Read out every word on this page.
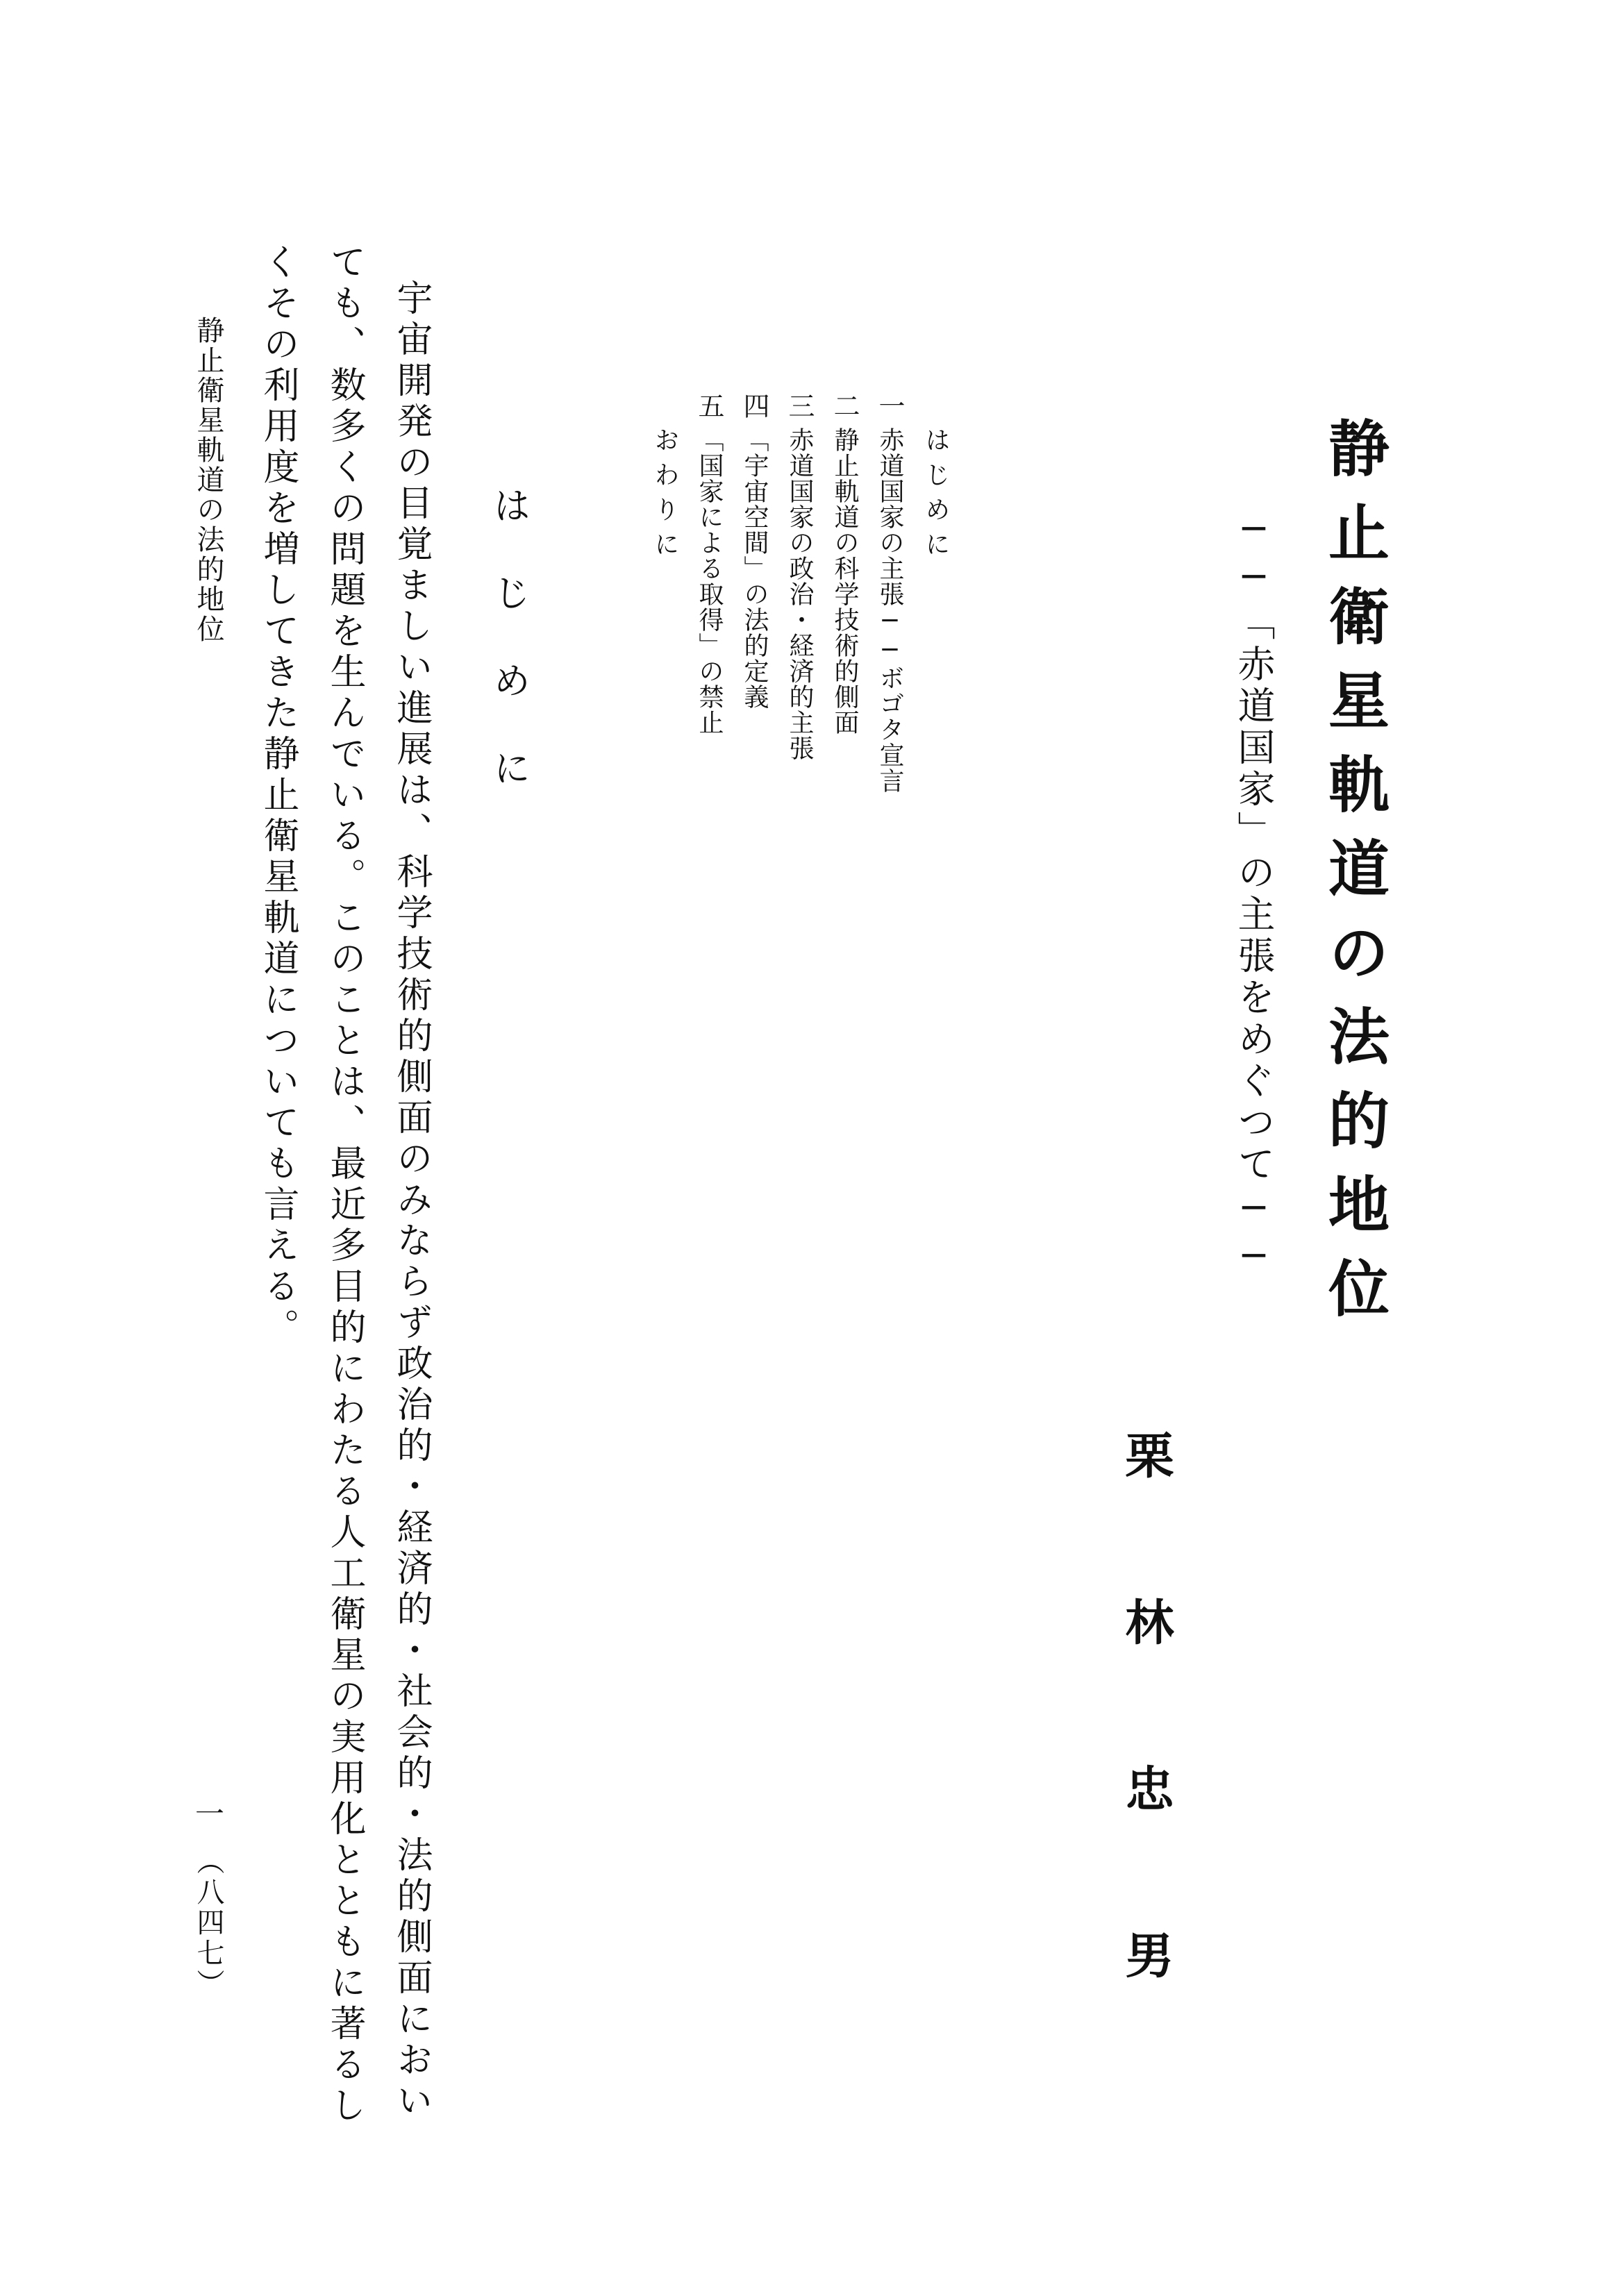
静止衛星軌道の法的地位
──「赤道国家」の主張をめぐつて──
栗林忠男
はじめに
一
赤道国家の主張──ボゴタ宣言
二
静止軌道の科学技術的側面
三
赤道国家の政治・経済的主張
四
「宇宙空間」の法的定義
五
「国家による取得」の禁止
おわりに
はじめに

宇宙開発の目覚ましい進展は、科学技術的側面のみならず政治的・経済的・社会的・法的側面においても、数多くの問題を生んでいる。このことは、最近多目的にわたる人工衛星の実用化とともに著るしくその利用度を増してきた静止衛星軌道についても言える。

静止衛星軌道の法的地位
一
（八四七）
